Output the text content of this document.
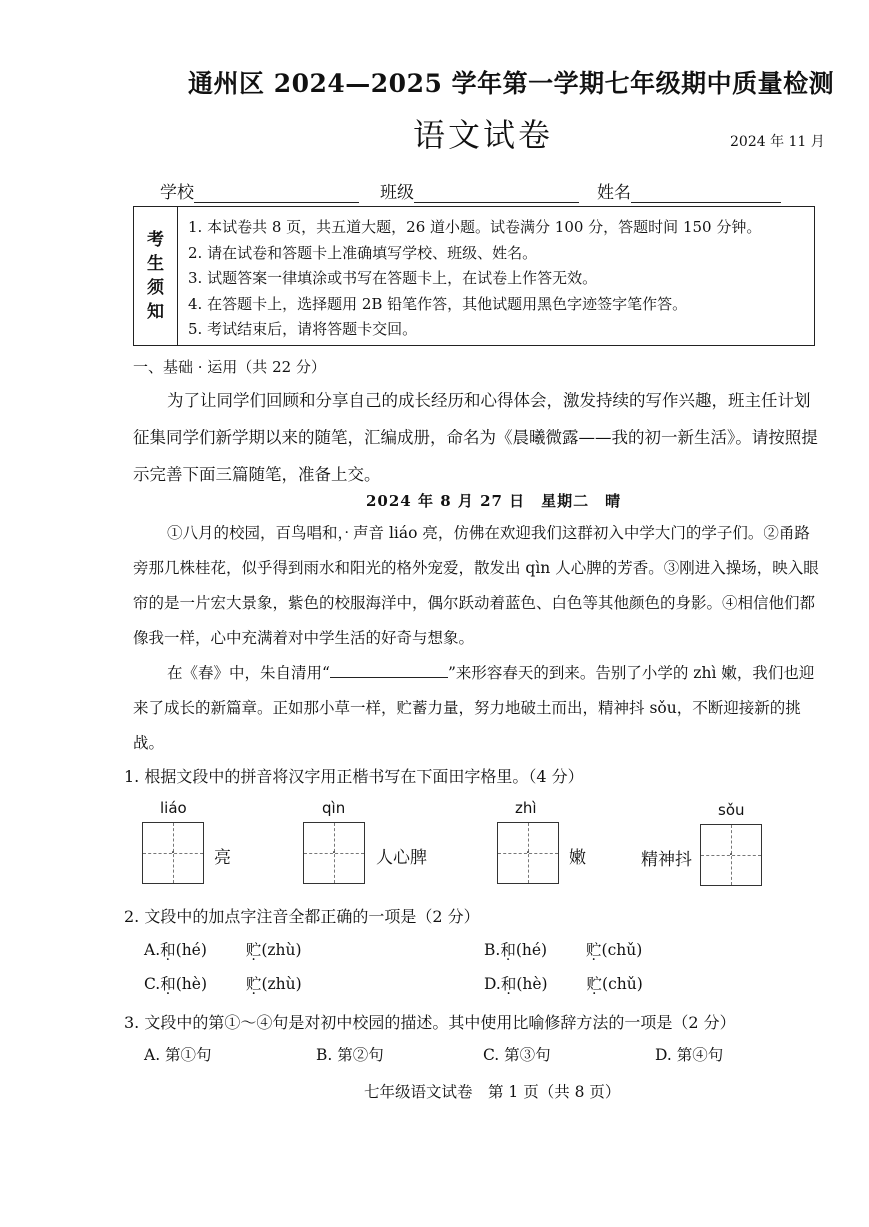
通州区 2024—2025 学年第一学期七年级期中质量检测
语文试卷	2024 年 11 月
学校	班级	姓名
考
生
须
知
1. 本试卷共 8 页，共五道大题，26 道小题。试卷满分 100 分，答题时间 150 分钟。
2. 请在试卷和答题卡上准确填写学校、班级、姓名。
3. 试题答案一律填涂或书写在答题卡上，在试卷上作答无效。
4. 在答题卡上，选择题用 2B 铅笔作答，其他试题用黑色字迹签字笔作答。
5. 考试结束后，请将答题卡交回。
一、基础 · 运用（共 22 分）

为了让同学们回顾和分享自己的成长经历和心得体会，激发持续的写作兴趣，班主任计划征集同学们新学期以来的随笔，汇编成册，命名为《晨曦微露——我的初一新生活》。请按照提示完善下面三篇随笔，准备上交。

2024 年 8 月 27 日　星期二　晴

①八月的校园，百鸟唱和 ·，声音 liáo 亮，仿佛在欢迎我们这群初入中学大门的学子们。②甬路旁那几株桂花，似乎得到雨水和阳光的格外宠爱，散发出 qìn 人心脾的芳香。③刚进入操场，映入眼帘的是一片宏大景象，紫色的校服海洋中，偶尔跃动着蓝色、白色等其他颜色的身影。④相信他们都像我一样，心中充满着对中学生活的好奇与想象。

在《春》中，朱自清用“	”来形容春天的到来。告别了小学的 zhì 嫩，我们也迎来了成长的新篇章。正如那小草一样，贮 ·蓄力量，努力地破土而出，精神抖 sǒu，不断迎接新的挑战。

1. 根据文段中的拼音将汉字用正楷书写在下面田字格里。（4 分）
liáo
· 亮
qìn
· 人心脾
zhì
· 嫩
sǒu
精神抖	·
2. 文段中的加点字注音全都正确的一项是（2 分）
A.和(hé)	贮(zhù)	B.和(hé)	贮(chǔ)
C.和(hè)	贮(zhù)	D.和(hè)	贮(chǔ)
3. 文段中的第①～④句是对初中校园的描述。其中使用比喻修辞方法的一项是（2 分）
A. 第①句	B. 第②句	C. 第③句	D. 第④句
七年级语文试卷　第 1 页（共 8 页）
